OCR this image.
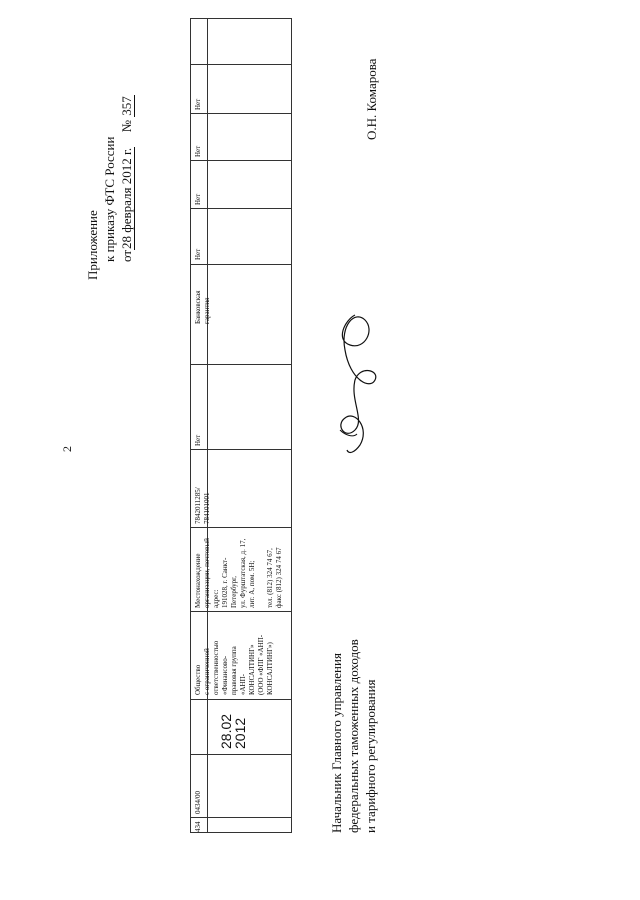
2
Приложение к приказу ФТС России от28 февраля 2012 г.  № 357
434
0434/00
28.02
2012
Общество с ограниченной ответственностью «Финансово- правовая группа «АНП- КОНСАЛТИНГ» (ООО «ФПГ «АНП- КОНСАЛТИНГ»)
Местонахождение организации, почтовый адрес: 191028, г. Санкт- Петербург, ул. Фурштатская, д. 17, лит. А, пом. 5Н; тел. (812) 324 74 67, факс (812) 324 74 67
7842011285/ 784101001
Нет
Банковская гарантия
Нет
Нет
Нет
Нет
Начальник Главного управления федеральных таможенных доходов и тарифного регулирования
О.Н. Комарова
